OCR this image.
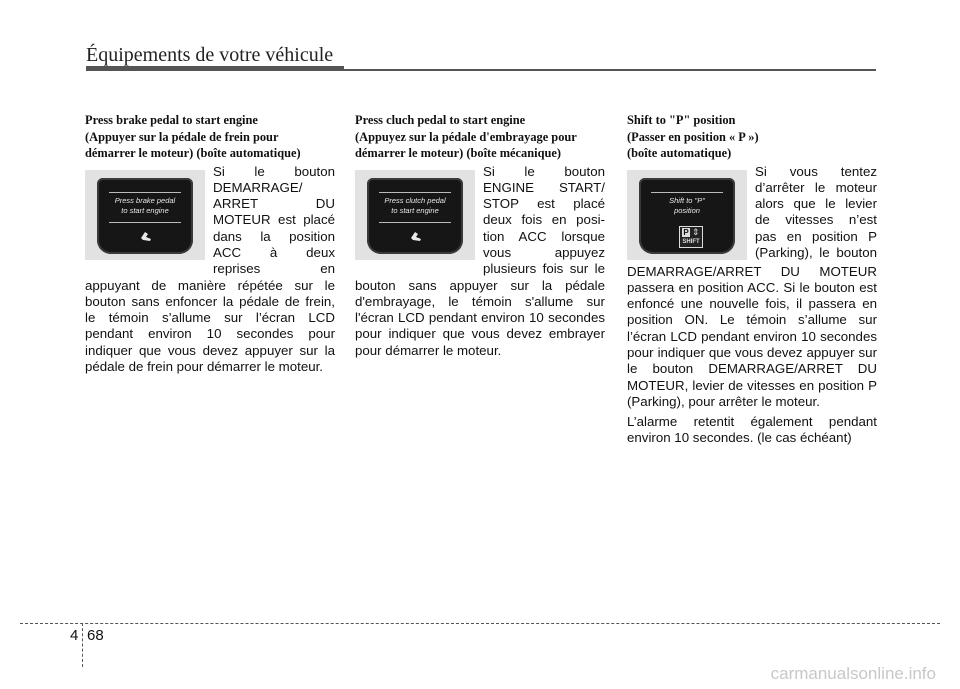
Équipements de votre véhicule
Press brake pedal to start engine
(Appuyer sur la pédale de frein pour
démarrer le moteur) (boîte automatique)
Press brake pedal
to start engine

Si le bouton DEMARRAGE/ ARRET DU MOTEUR est placé dans la position ACC à deux reprises en appuyant de manière répétée sur le bouton sans enfoncer la pédale de frein, le témoin s’allume sur l’écran LCD pendant environ 10 secondes pour indiquer que vous devez appuyer sur la pédale de frein pour démarrer le moteur.

Press cluch pedal to start engine
(Appuyez sur la pédale d'embrayage pour
démarrer le moteur) (boîte mécanique)
Press clutch pedal
to start engine

Si le bouton ENGINE START/ STOP est placé deux fois en posi- tion ACC lorsque vous appuyez plusieurs fois sur le bouton sans appuyer sur la pédale d'embrayage, le témoin s'allume sur l'écran LCD pendant environ 10 secondes pour indiquer que vous devez embrayer pour démarrer le moteur.

Shift to "P" position
(Passer en position « P »)
(boîte automatique)
Shift to "P"
position
P ⇕
SHIFT

Si vous tentez d’arrêter le moteur alors que le levier de vitesses n’est pas en position P (Parking), le bouton DEMARRAGE/ARRET DU MOTEUR passera en position ACC. Si le bouton est enfoncé une nouvelle fois, il passera en position ON. Le témoin s’allume sur l’écran LCD pendant environ 10 secondes pour indiquer que vous devez appuyer sur le bouton DEMARRAGE/ARRET DU MOTEUR, levier de vitesses en position P (Parking), pour arrêter le moteur.

L’alarme retentit également pendant environ 10 secondes. (le cas échéant)

4 68
carmanualsonline.info
